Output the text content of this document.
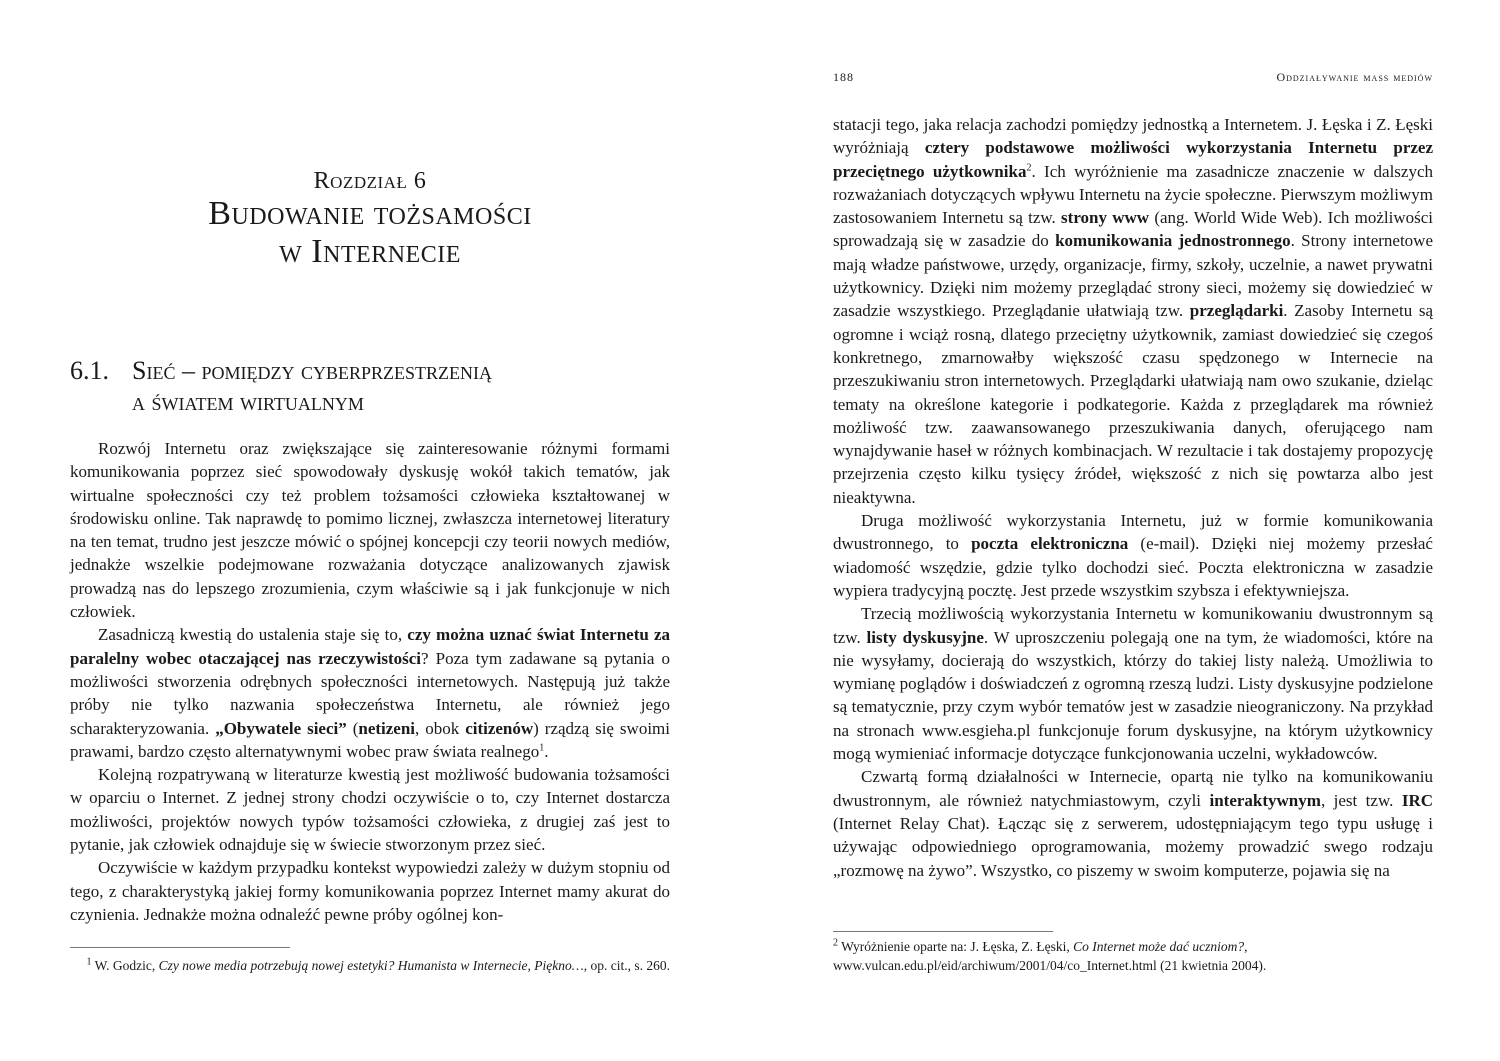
Rozdział 6
Budowanie tożsamości
w Internecie
6.1. Sieć – pomiędzy cyberprzestrzenią
a światem wirtualnym

Rozwój Internetu oraz zwiększające się zainteresowanie różnymi formami komunikowania poprzez sieć spowodowały dyskusję wokół takich tematów, jak wirtualne społeczności czy też problem tożsamości człowieka kształtowanej w środowisku online. Tak naprawdę to pomimo licznej, zwłaszcza internetowej literatury na ten temat, trudno jest jeszcze mówić o spójnej koncepcji czy teorii nowych mediów, jednakże wszelkie podejmowane rozważania dotyczące analizowanych zjawisk prowadzą nas do lepszego zrozumienia, czym właściwie są i jak funkcjonuje w nich człowiek.

Zasadniczą kwestią do ustalenia staje się to, czy można uznać świat Internetu za paralelny wobec otaczającej nas rzeczywistości? Poza tym zadawane są pytania o możliwości stworzenia odrębnych społeczności internetowych. Następują już także próby nie tylko nazwania społeczeństwa Internetu, ale również jego scharakteryzowania. „Obywatele sieci” (netizeni, obok citizenów) rządzą się swoimi prawami, bardzo często alternatywnymi wobec praw świata realnego$^1$.

Kolejną rozpatrywaną w literaturze kwestią jest możliwość budowania tożsamości w oparciu o Internet. Z jednej strony chodzi oczywiście o to, czy Internet dostarcza możliwości, projektów nowych typów tożsamości człowieka, z drugiej zaś jest to pytanie, jak człowiek odnajduje się w świecie stworzonym przez sieć.

Oczywiście w każdym przypadku kontekst wypowiedzi zależy w dużym stopniu od tego, z charakterystyką jakiej formy komunikowania poprzez Internet mamy akurat do czynienia. Jednakże można odnaleźć pewne próby ogólnej kon-

$^1$ W. Godzic, Czy nowe media potrzebują nowej estetyki? Humanista w Internecie, Piękno…, op. cit., s. 260.
188	Oddziaływanie mass mediów

statacji tego, jaka relacja zachodzi pomiędzy jednostką a Internetem. J. Łęska i Z. Łęski wyróżniają cztery podstawowe możliwości wykorzystania Internetu przez przeciętnego użytkownika$^2$. Ich wyróżnienie ma zasadnicze znaczenie w dalszych rozważaniach dotyczących wpływu Internetu na życie społeczne. Pierwszym możliwym zastosowaniem Internetu są tzw. strony www (ang. World Wide Web). Ich możliwości sprowadzają się w zasadzie do komunikowania jednostronnego. Strony internetowe mają władze państwowe, urzędy, organizacje, firmy, szkoły, uczelnie, a nawet prywatni użytkownicy. Dzięki nim możemy przeglądać strony sieci, możemy się dowiedzieć w zasadzie wszystkiego. Przeglądanie ułatwiają tzw. przeglądarki. Zasoby Internetu są ogromne i wciąż rosną, dlatego przeciętny użytkownik, zamiast dowiedzieć się czegoś konkretnego, zmarnowałby większość czasu spędzonego w Internecie na przeszukiwaniu stron internetowych. Przeglądarki ułatwiają nam owo szukanie, dzieląc tematy na określone kategorie i podkategorie. Każda z przeglądarek ma również możliwość tzw. zaawansowanego przeszukiwania danych, oferującego nam wynajdywanie haseł w różnych kombinacjach. W rezultacie i tak dostajemy propozycję przejrzenia często kilku tysięcy źródeł, większość z nich się powtarza albo jest nieaktywna.

Druga możliwość wykorzystania Internetu, już w formie komunikowania dwustronnego, to poczta elektroniczna (e-mail). Dzięki niej możemy przesłać wiadomość wszędzie, gdzie tylko dochodzi sieć. Poczta elektroniczna w zasadzie wypiera tradycyjną pocztę. Jest przede wszystkim szybsza i efektywniejsza.

Trzecią możliwością wykorzystania Internetu w komunikowaniu dwustronnym są tzw. listy dyskusyjne. W uproszczeniu polegają one na tym, że wiadomości, które na nie wysyłamy, docierają do wszystkich, którzy do takiej listy należą. Umożliwia to wymianę poglądów i doświadczeń z ogromną rzeszą ludzi. Listy dyskusyjne podzielone są tematycznie, przy czym wybór tematów jest w zasadzie nieograniczony. Na przykład na stronach www.esgieha.pl funkcjonuje forum dyskusyjne, na którym użytkownicy mogą wymieniać informacje dotyczące funkcjonowania uczelni, wykładowców.

Czwartą formą działalności w Internecie, opartą nie tylko na komunikowaniu dwustronnym, ale również natychmiastowym, czyli interaktywnym, jest tzw. IRC (Internet Relay Chat). Łącząc się z serwerem, udostępniającym tego typu usługę i używając odpowiedniego oprogramowania, możemy prowadzić swego rodzaju „rozmowę na żywo”. Wszystko, co piszemy w swoim komputerze, pojawia się na

$^2$ Wyróżnienie oparte na: J. Łęska, Z. Łęski, Co Internet może dać uczniom?, www.vulcan.edu.pl/eid/archiwum/2001/04/co_Internet.html (21 kwietnia 2004).
